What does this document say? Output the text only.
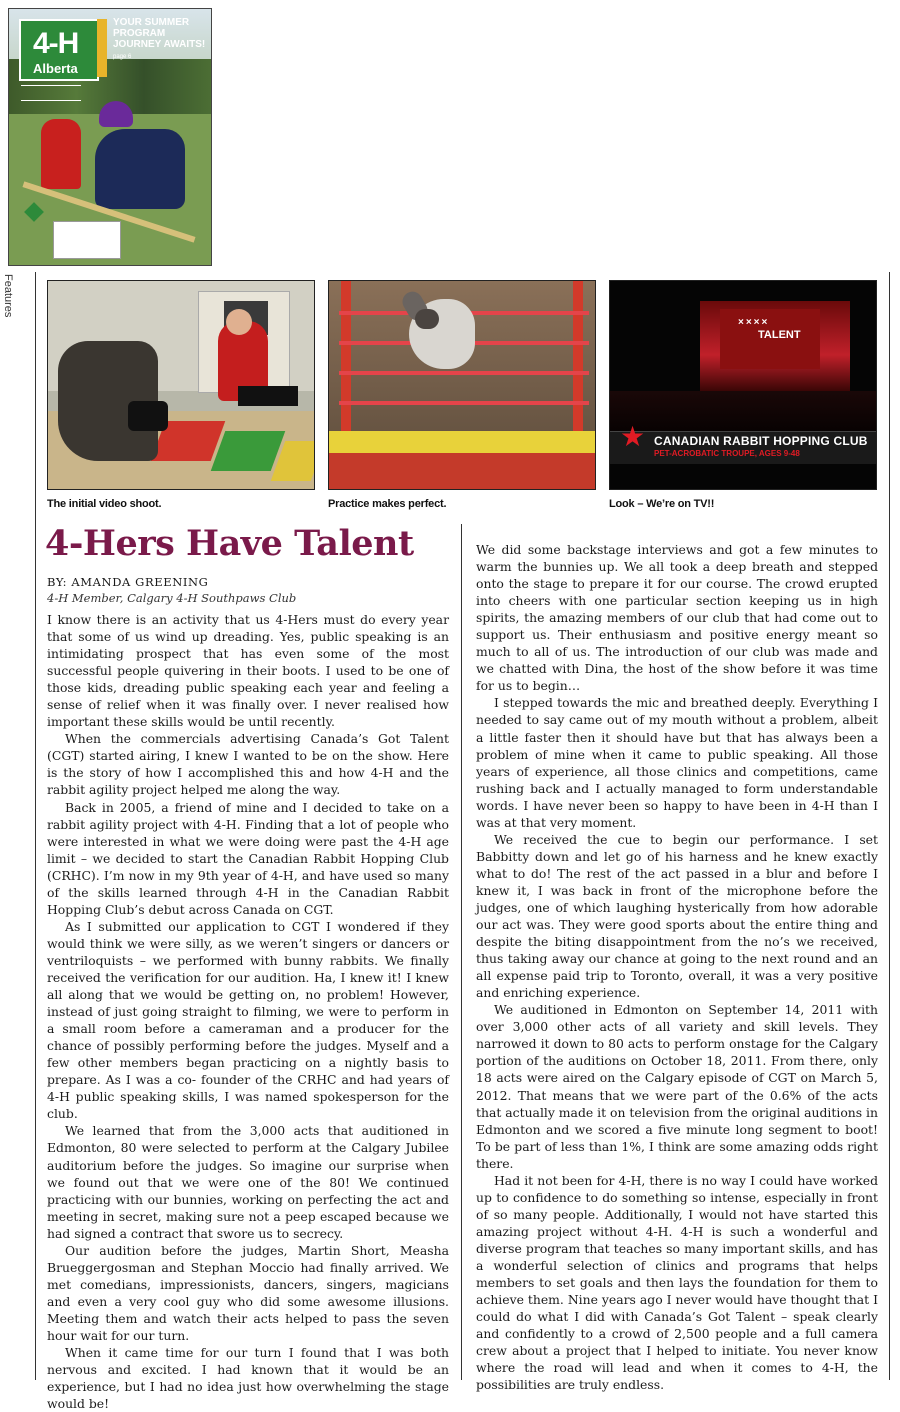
4-H
Alberta
YOUR SUMMER PROGRAM JOURNEY AWAITS! page 6
Features
The initial video shoot.	Practice makes perfect.
××××
TALENT
★ CANADIAN RABBIT HOPPING CLUB
PET-ACROBATIC TROUPE, AGES 9-48
Look – We’re on TV!!
4-Hers Have Talent
BY: AMANDA GREENING
4-H Member, Calgary 4-H Southpaws Club

I know there is an activity that us 4-Hers must do every year that some of us wind up dreading. Yes, public speaking is an intimidating prospect that has even some of the most successful people quivering in their boots. I used to be one of those kids, dreading public speaking each year and feeling a sense of relief when it was finally over. I never realised how important these skills would be until recently.

When the commercials advertising Canada’s Got Talent (CGT) started airing, I knew I wanted to be on the show. Here is the story of how I accomplished this and how 4-H and the rabbit agility project helped me along the way.

Back in 2005, a friend of mine and I decided to take on a rabbit agility project with 4-H. Finding that a lot of people who were interested in what we were doing were past the 4-H age limit – we decided to start the Canadian Rabbit Hopping Club (CRHC). I’m now in my 9th year of 4-H, and have used so many of the skills learned through 4-H in the Canadian Rabbit Hopping Club’s debut across Canada on CGT.

As I submitted our application to CGT I wondered if they would think we were silly, as we weren’t singers or dancers or ventriloquists – we performed with bunny rabbits. We finally received the verification for our audition. Ha, I knew it! I knew all along that we would be getting on, no problem! However, instead of just going straight to filming, we were to perform in a small room before a cameraman and a producer for the chance of possibly performing before the judges. Myself and a few other members began practicing on a nightly basis to prepare. As I was a co- founder of the CRHC and had years of 4-H public speaking skills, I was named spokesperson for the club.

We learned that from the 3,000 acts that auditioned in Edmonton, 80 were selected to perform at the Calgary Jubilee auditorium before the judges. So imagine our surprise when we found out that we were one of the 80! We continued practicing with our bunnies, working on perfecting the act and meeting in secret, making sure not a peep escaped because we had signed a contract that swore us to secrecy.

Our audition before the judges, Martin Short, Measha Brueggergosman and Stephan Moccio had finally arrived. We met comedians, impressionists, dancers, singers, magicians and even a very cool guy who did some awesome illusions. Meeting them and watch their acts helped to pass the seven hour wait for our turn.

When it came time for our turn I found that I was both nervous and excited. I had known that it would be an experience, but I had no idea just how overwhelming the stage would be!

We did some backstage interviews and got a few minutes to warm the bunnies up. We all took a deep breath and stepped onto the stage to prepare it for our course. The crowd erupted into cheers with one particular section keeping us in high spirits, the amazing members of our club that had come out to support us. Their enthusiasm and positive energy meant so much to all of us. The introduction of our club was made and we chatted with Dina, the host of the show before it was time for us to begin…

I stepped towards the mic and breathed deeply. Everything I needed to say came out of my mouth without a problem, albeit a little faster then it should have but that has always been a problem of mine when it came to public speaking. All those years of experience, all those clinics and competitions, came rushing back and I actually managed to form understandable words. I have never been so happy to have been in 4-H than I was at that very moment.

We received the cue to begin our performance. I set Babbitty down and let go of his harness and he knew exactly what to do! The rest of the act passed in a blur and before I knew it, I was back in front of the microphone before the judges, one of which laughing hysterically from how adorable our act was. They were good sports about the entire thing and despite the biting disappointment from the no’s we received, thus taking away our chance at going to the next round and an all expense paid trip to Toronto, overall, it was a very positive and enriching experience.

We auditioned in Edmonton on September 14, 2011 with over 3,000 other acts of all variety and skill levels. They narrowed it down to 80 acts to perform onstage for the Calgary portion of the auditions on October 18, 2011. From there, only 18 acts were aired on the Calgary episode of CGT on March 5, 2012. That means that we were part of the 0.6% of the acts that actually made it on television from the original auditions in Edmonton and we scored a five minute long segment to boot! To be part of less than 1%, I think are some amazing odds right there.

Had it not been for 4-H, there is no way I could have worked up to confidence to do something so intense, especially in front of so many people. Additionally, I would not have started this amazing project without 4-H. 4-H is such a wonderful and diverse program that teaches so many important skills, and has a wonderful selection of clinics and programs that helps members to set goals and then lays the foundation for them to achieve them. Nine years ago I never would have thought that I could do what I did with Canada’s Got Talent – speak clearly and confidently to a crowd of 2,500 people and a full camera crew about a project that I helped to initiate. You never know where the road will lead and when it comes to 4-H, the possibilities are truly endless.
